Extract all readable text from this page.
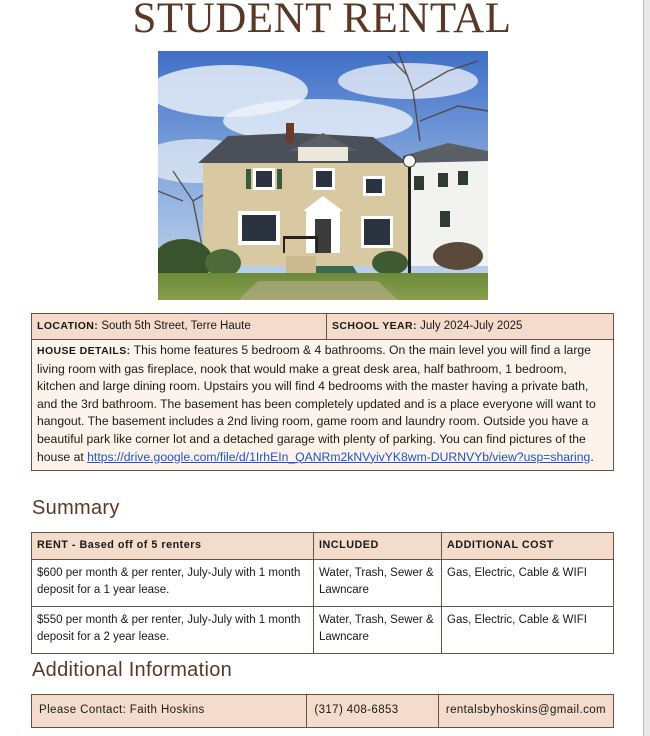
STUDENT RENTAL
LOCATION: South 5th Street, Terre Haute	SCHOOL YEAR: July 2024-July 2025
HOUSE DETAILS: This home features 5 bedroom & 4 bathrooms. On the main level you will find a large living room with gas fireplace, nook that would make a great desk area, half bathroom, 1 bedroom, kitchen and large dining room. Upstairs you will find 4 bedrooms with the master having a private bath, and the 3rd bathroom. The basement has been completely updated and is a place everyone will want to hangout. The basement includes a 2nd living room, game room and laundry room. Outside you have a beautiful park like corner lot and a detached garage with plenty of parking. You can find pictures of the house at https://drive.google.com/file/d/1IrhEIn_QANRm2kNVyivYK8wm-DURNVYb/view?usp=sharing.
Summary
RENT - Based off of 5 renters	INCLUDED	ADDITIONAL COST
$600 per month & per renter, July-July with 1 month deposit for a 1 year lease.	Water, Trash, Sewer & Lawncare	Gas, Electric, Cable & WIFI
$550 per month & per renter, July-July with 1 month deposit for a 2 year lease.	Water, Trash, Sewer & Lawncare	Gas, Electric, Cable & WIFI
Additional Information
Please Contact: Faith Hoskins	(317) 408-6853	rentalsbyhoskins@gmail.com
